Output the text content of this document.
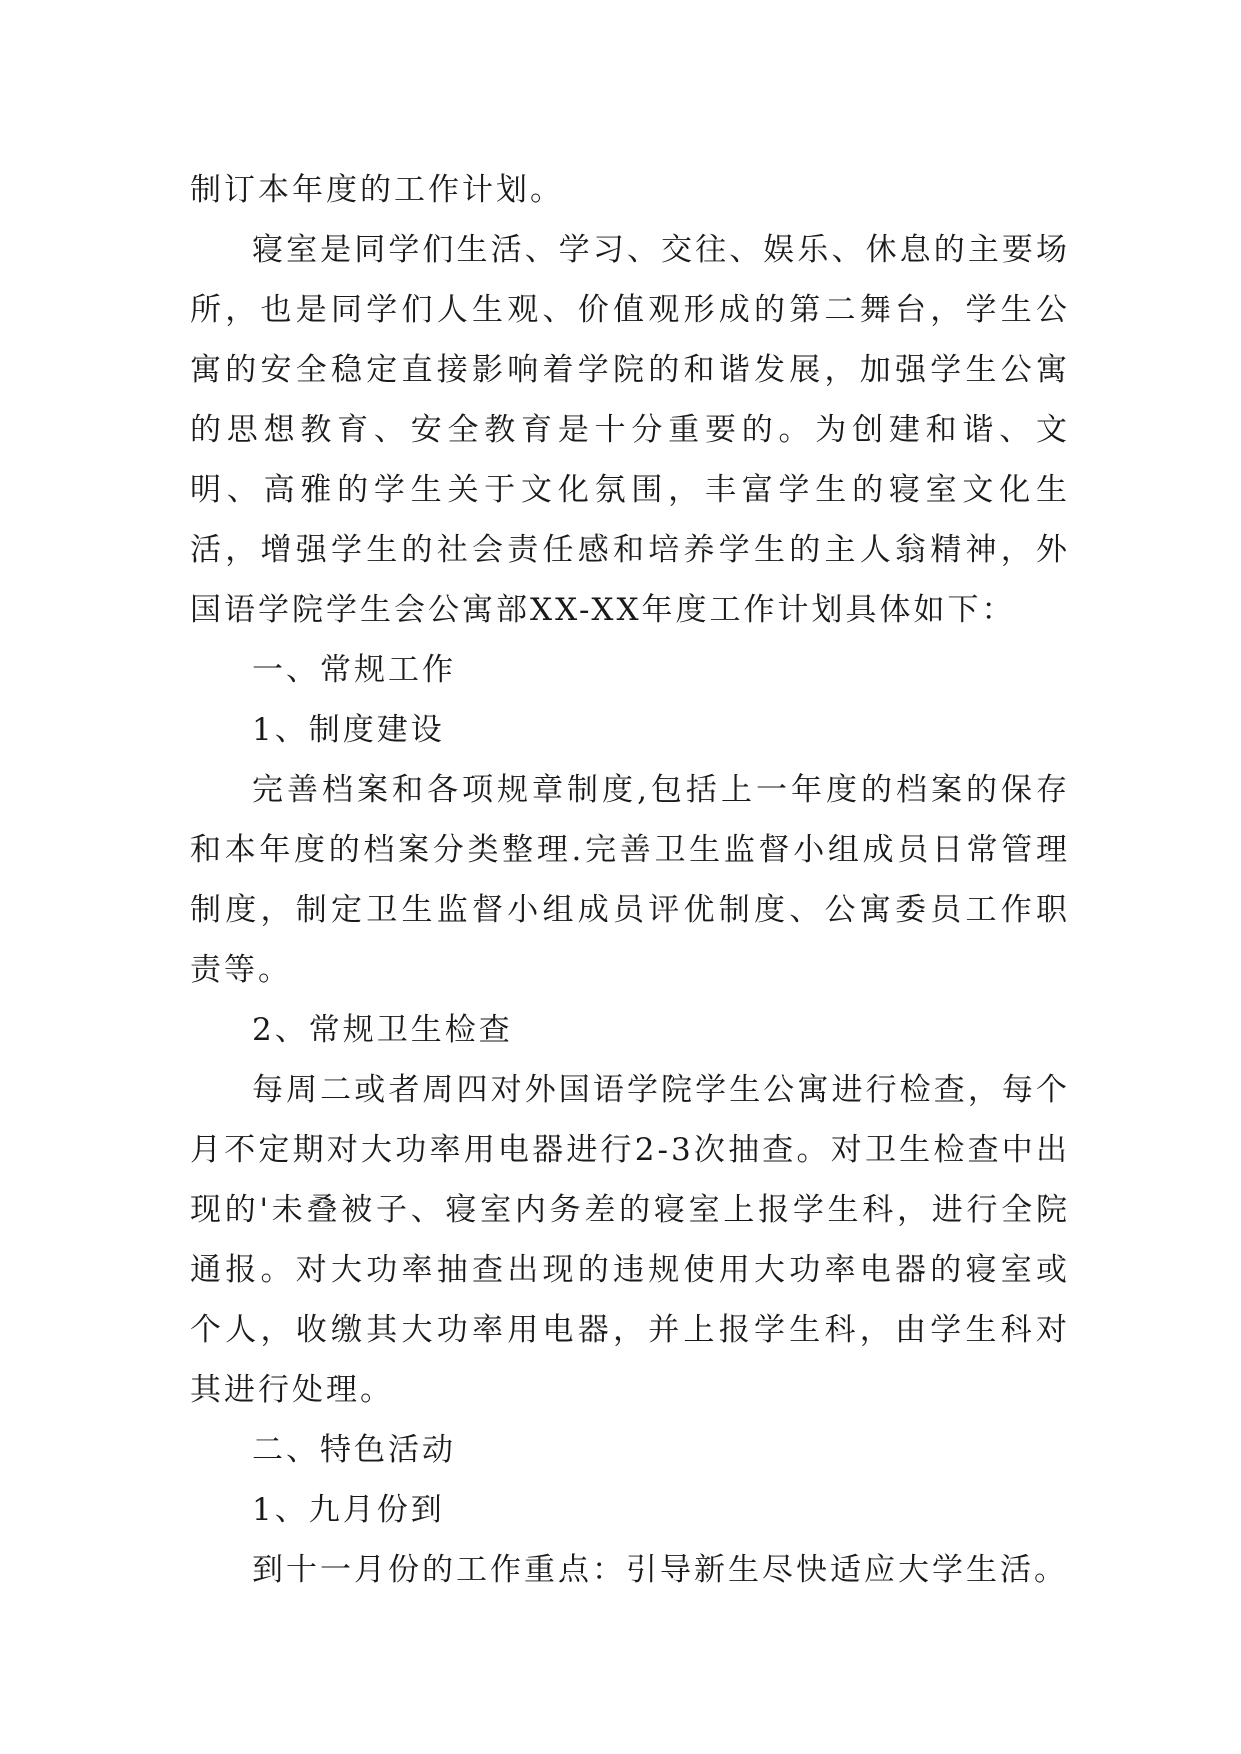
制订本年度的工作计划。

寝室是同学们生活、学习、交往、娱乐、休息的主要场所，也是同学们人生观、价值观形成的第二舞台，学生公寓的安全稳定直接影响着学院的和谐发展，加强学生公寓的思想教育、安全教育是十分重要的。为创建和谐、文明、高雅的学生关于文化氛围，丰富学生的寝室文化生活，增强学生的社会责任感和培养学生的主人翁精神，外国语学院学生会公寓部XX-XX年度工作计划具体如下：

一、常规工作

1、制度建设

完善档案和各项规章制度,包括上一年度的档案的保存和本年度的档案分类整理.完善卫生监督小组成员日常管理制度，制定卫生监督小组成员评优制度、公寓委员工作职责等。

2、常规卫生检查

每周二或者周四对外国语学院学生公寓进行检查，每个月不定期对大功率用电器进行2-3次抽查。对卫生检查中出现的'未叠被子、寝室内务差的寝室上报学生科，进行全院通报。对大功率抽查出现的违规使用大功率电器的寝室或个人，收缴其大功率用电器，并上报学生科，由学生科对其进行处理。

二、特色活动

1、九月份到

到十一月份的工作重点：引导新生尽快适应大学生活。
